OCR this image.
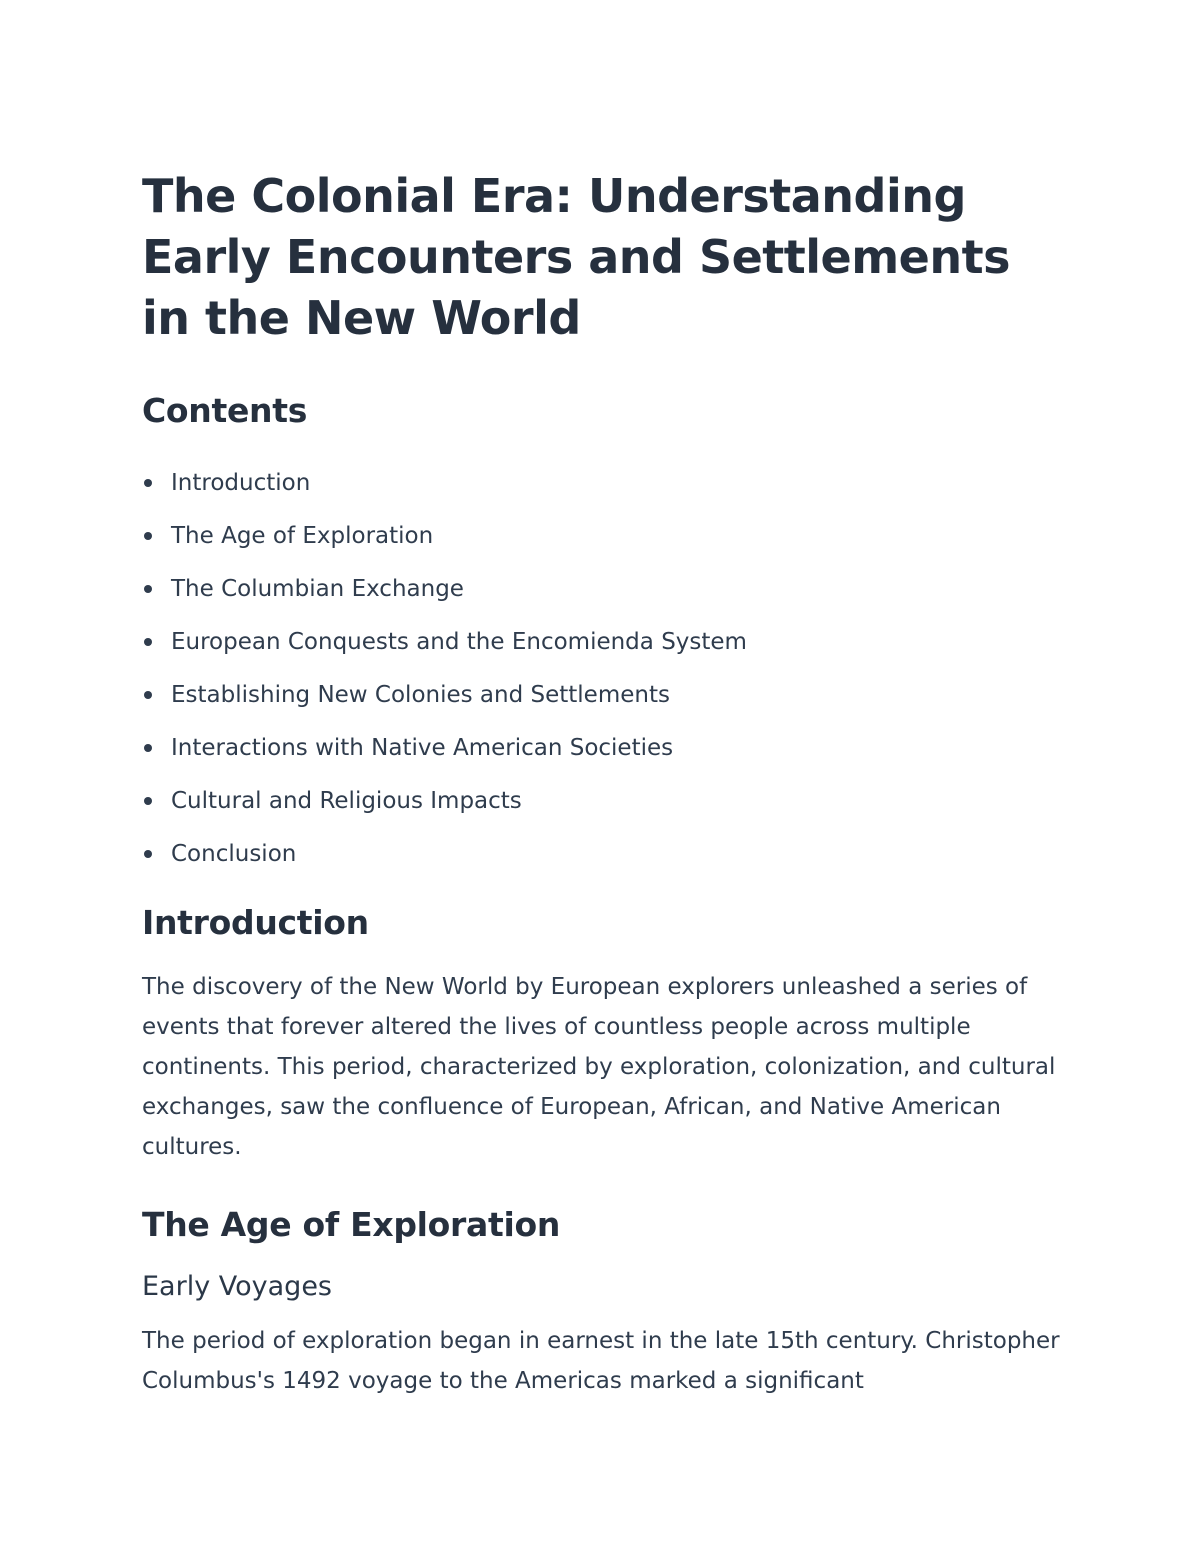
The Colonial Era: Understanding Early Encounters and Settlements in the New World
Contents
Introduction
The Age of Exploration
The Columbian Exchange
European Conquests and the Encomienda System
Establishing New Colonies and Settlements
Interactions with Native American Societies
Cultural and Religious Impacts
Conclusion
Introduction

The discovery of the New World by European explorers unleashed a series of events that forever altered the lives of countless people across multiple continents. This period, characterized by exploration, colonization, and cultural exchanges, saw the confluence of European, African, and Native American cultures.

The Age of Exploration
Early Voyages

The period of exploration began in earnest in the late 15th century. Christopher Columbus's 1492 voyage to the Americas marked a significant
